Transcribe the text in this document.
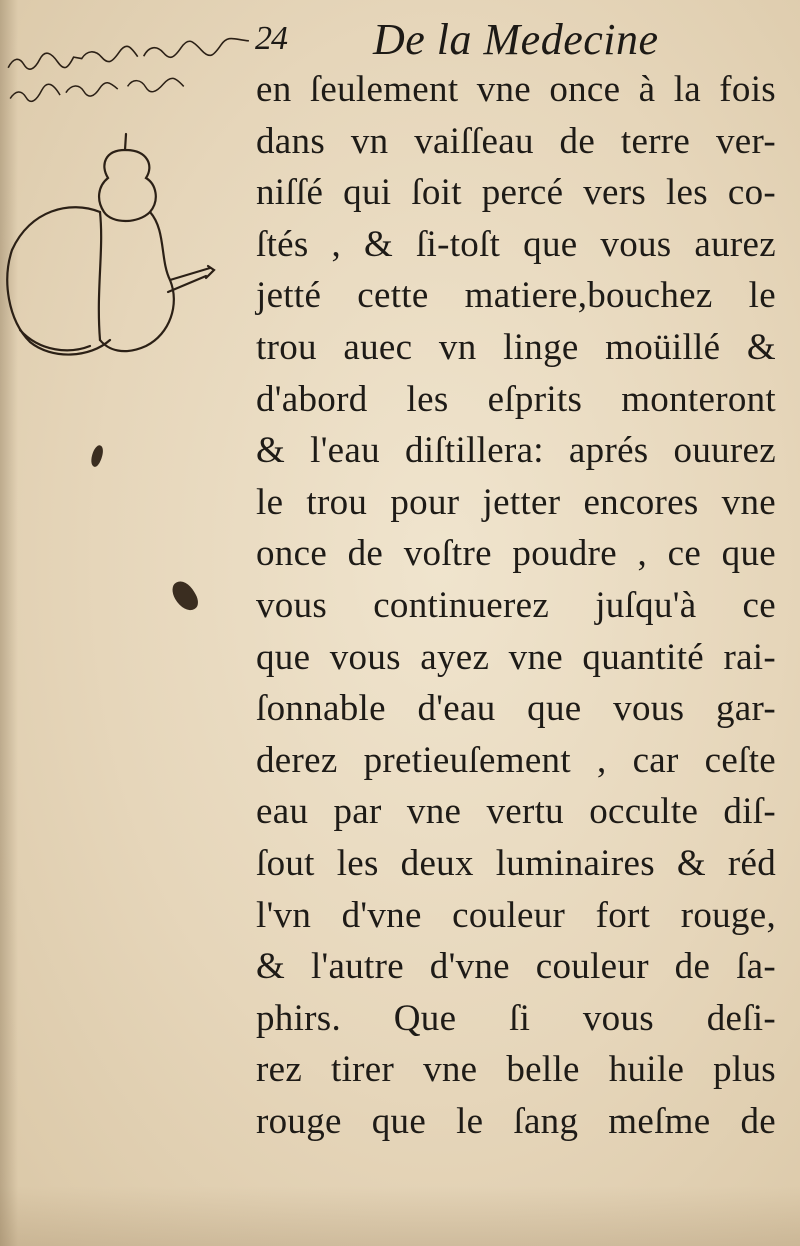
24 De la Medecine
en ſeulement vne once à la fois
dans vn vaiſſeau de terre ver-
niſſé qui ſoit percé vers les co-
ſtés , & ſi-toſt que vous aurez
jetté cette matiere,bouchez le
trou auec vn linge moüillé &
d'abord les eſprits monteront
& l'eau diſtillera: aprés ouurez
le trou pour jetter encores vne
once de voſtre poudre , ce que
vous continuerez juſqu'à ce
que vous ayez vne quantité rai-
ſonnable d'eau que vous gar-
derez pretieuſement , car ceſte
eau par vne vertu occulte diſ-
ſout les deux luminaires & réd
l'vn d'vne couleur fort rouge,
& l'autre d'vne couleur de ſa-
phirs. Que ſi vous deſi-
rez tirer vne belle huile plus
rouge que le ſang meſme de
